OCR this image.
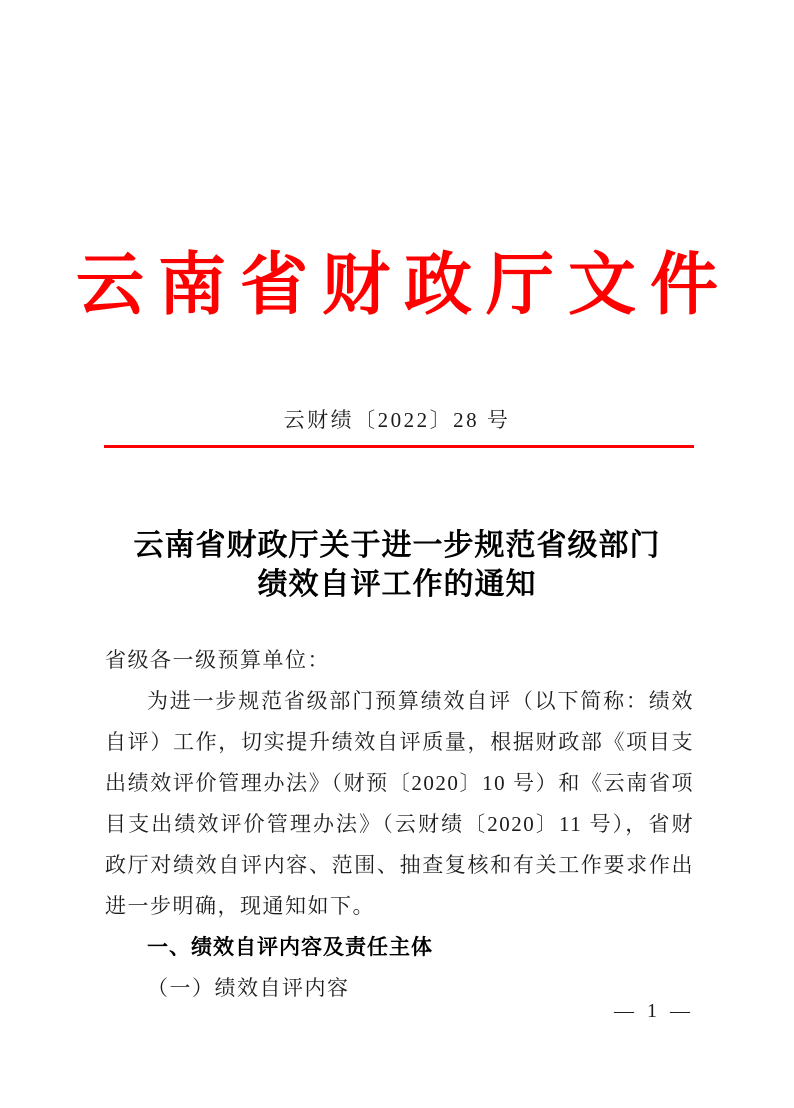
云南省财政厅文件
云财绩〔2022〕28 号
云南省财政厅关于进一步规范省级部门
绩效自评工作的通知

省级各一级预算单位：

为进一步规范省级部门预算绩效自评（以下简称：绩效自评）工作，切实提升绩效自评质量，根据财政部《项目支出绩效评价管理办法》（财预〔2020〕10 号）和《云南省项目支出绩效评价管理办法》（云财绩〔2020〕11 号），省财政厅对绩效自评内容、范围、抽查复核和有关工作要求作出进一步明确，现通知如下。

一、绩效自评内容及责任主体

（一）绩效自评内容

— 1 —
